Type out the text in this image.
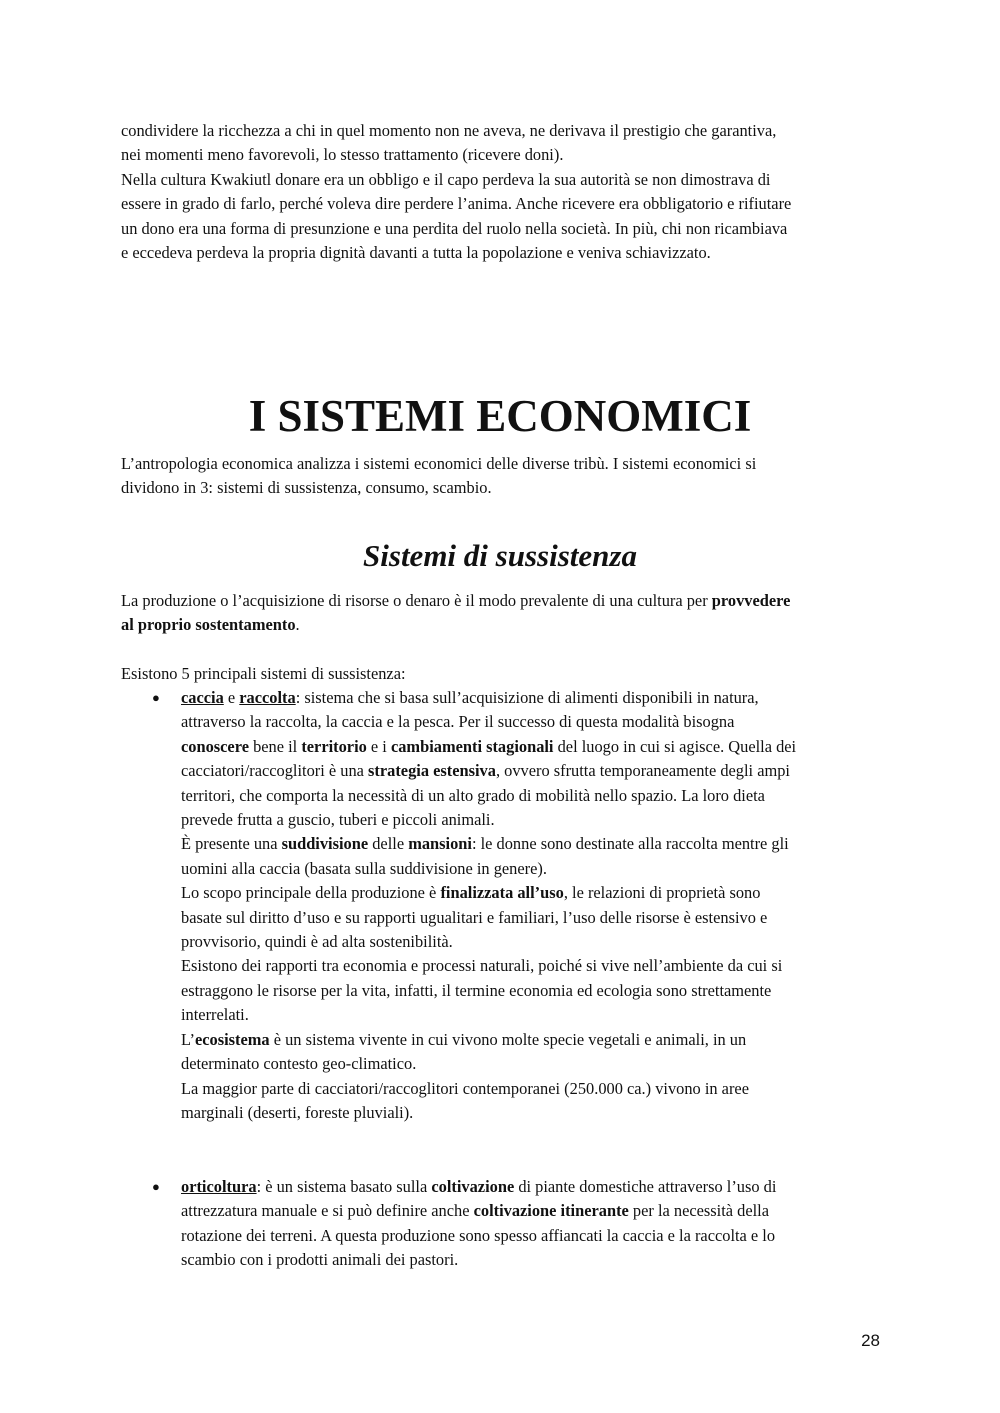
condividere la ricchezza a chi in quel momento non ne aveva, ne derivava il prestigio che garantiva,
nei momenti meno favorevoli, lo stesso trattamento (ricevere doni).
Nella cultura Kwakiutl donare era un obbligo e il capo perdeva la sua autorità se non dimostrava di
essere in grado di farlo, perché voleva dire perdere l’anima. Anche ricevere era obbligatorio e rifiutare
un dono era una forma di presunzione e una perdita del ruolo nella società. In più, chi non ricambiava
e eccedeva perdeva la propria dignità davanti a tutta la popolazione e veniva schiavizzato.

I SISTEMI ECONOMICI

L’antropologia economica analizza i sistemi economici delle diverse tribù. I sistemi economici si
dividono in 3: sistemi di sussistenza, consumo, scambio.

Sistemi di sussistenza

La produzione o l’acquisizione di risorse o denaro è il modo prevalente di una cultura per provvedere
al proprio sostentamento.

Esistono 5 principali sistemi di sussistenza:

● caccia e raccolta: sistema che si basa sull’acquisizione di alimenti disponibili in natura,
attraverso la raccolta, la caccia e la pesca. Per il successo di questa modalità bisogna
conoscere bene il territorio e i cambiamenti stagionali del luogo in cui si agisce. Quella dei
cacciatori/raccoglitori è una strategia estensiva, ovvero sfrutta temporaneamente degli ampi
territori, che comporta la necessità di un alto grado di mobilità nello spazio. La loro dieta
prevede frutta a guscio, tuberi e piccoli animali.
È presente una suddivisione delle mansioni: le donne sono destinate alla raccolta mentre gli
uomini alla caccia (basata sulla suddivisione in genere).
Lo scopo principale della produzione è finalizzata all’uso, le relazioni di proprietà sono
basate sul diritto d’uso e su rapporti ugualitari e familiari, l’uso delle risorse è estensivo e
provvisorio, quindi è ad alta sostenibilità.
Esistono dei rapporti tra economia e processi naturali, poiché si vive nell’ambiente da cui si
estraggono le risorse per la vita, infatti, il termine economia ed ecologia sono strettamente
interrelati.
L’ecosistema è un sistema vivente in cui vivono molte specie vegetali e animali, in un
determinato contesto geo-climatico.
La maggior parte di cacciatori/raccoglitori contemporanei (250.000 ca.) vivono in aree
marginali (deserti, foreste pluviali).
● orticoltura: è un sistema basato sulla coltivazione di piante domestiche attraverso l’uso di
attrezzatura manuale e si può definire anche coltivazione itinerante per la necessità della
rotazione dei terreni. A questa produzione sono spesso affiancati la caccia e la raccolta e lo
scambio con i prodotti animali dei pastori.
28
